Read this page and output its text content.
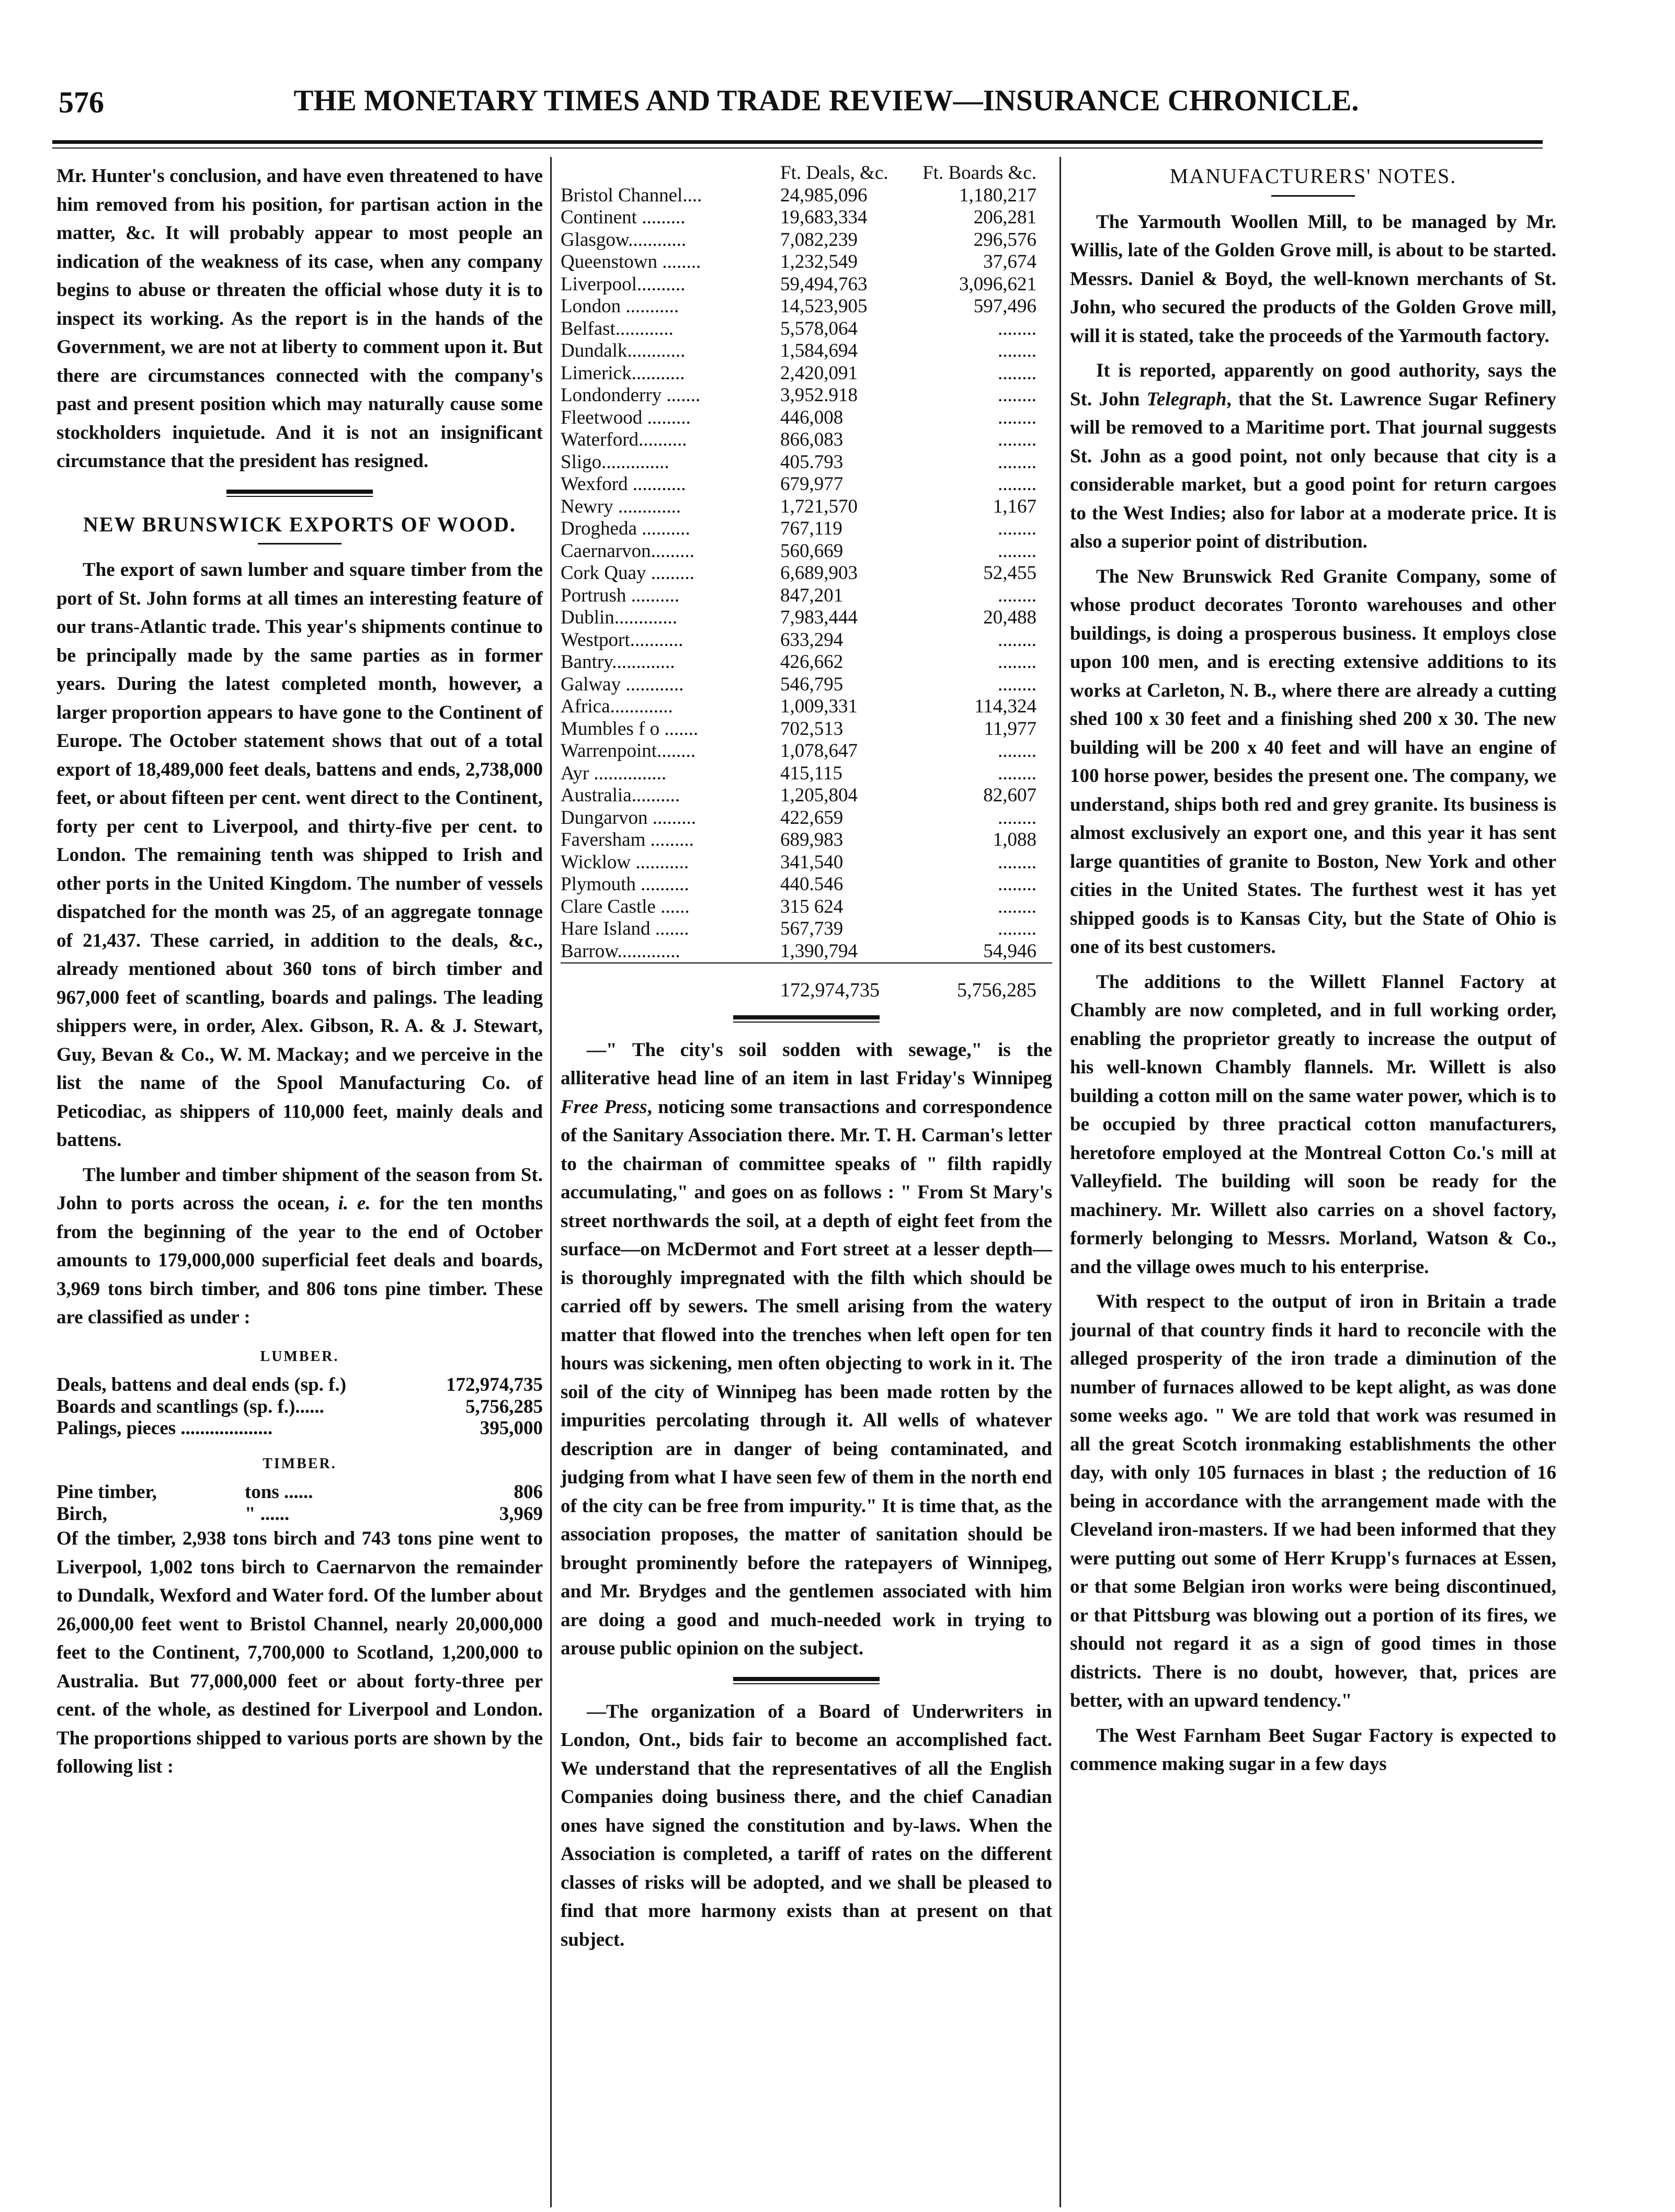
576	THE MONETARY TIMES AND TRADE REVIEW—INSURANCE CHRONICLE.

Mr. Hunter's conclusion, and have even threatened to have him removed from his position, for partisan action in the matter, &c. It will probably appear to most people an indication of the weakness of its case, when any company begins to abuse or threaten the official whose duty it is to inspect its working. As the report is in the hands of the Government, we are not at liberty to comment upon it. But there are circumstances connected with the company's past and present position which may naturally cause some stockholders inquietude. And it is not an insignificant circumstance that the president has resigned.

NEW BRUNSWICK EXPORTS OF WOOD.

The export of sawn lumber and square timber from the port of St. John forms at all times an interesting feature of our trans-Atlantic trade. This year's shipments continue to be principally made by the same parties as in former years. During the latest completed month, however, a larger proportion appears to have gone to the Continent of Europe. The October statement shows that out of a total export of 18,489,000 feet deals, battens and ends, 2,738,000 feet, or about fifteen per cent. went direct to the Continent, forty per cent to Liverpool, and thirty-five per cent. to London. The remaining tenth was shipped to Irish and other ports in the United Kingdom. The number of vessels dispatched for the month was 25, of an aggregate tonnage of 21,437. These carried, in addition to the deals, &c., already mentioned about 360 tons of birch timber and 967,000 feet of scantling, boards and palings. The leading shippers were, in order, Alex. Gibson, R. A. & J. Stewart, Guy, Bevan & Co., W. M. Mackay; and we perceive in the list the name of the Spool Manufacturing Co. of Peticodiac, as shippers of 110,000 feet, mainly deals and battens.

The lumber and timber shipment of the season from St. John to ports across the ocean, i. e. for the ten months from the beginning of the year to the end of October amounts to 179,000,000 superficial feet deals and boards, 3,969 tons birch timber, and 806 tons pine timber. These are classified as under :

LUMBER.
Deals, battens and deal ends (sp. f.)	172,974,735
Boards and scantlings (sp. f.)......	5,756,285
Palings, pieces ...................	395,000
TIMBER.
Pine timber,	tons ......	806
Birch,	" ......	3,969

Of the timber, 2,938 tons birch and 743 tons pine went to Liverpool, 1,002 tons birch to Caernarvon the remainder to Dundalk, Wexford and Water ford. Of the lumber about 26,000,00 feet went to Bristol Channel, nearly 20,000,000 feet to the Continent, 7,700,000 to Scotland, 1,200,000 to Australia. But 77,000,000 feet or about forty-three per cent. of the whole, as destined for Liverpool and London. The proportions shipped to various ports are shown by the following list :

	Ft. Deals, &c.	Ft. Boards &c.
Bristol Channel....	24,985,096	1,180,217
Continent .........	19,683,334	206,281
Glasgow............	7,082,239	296,576
Queenstown ........	1,232,549	37,674
Liverpool..........	59,494,763	3,096,621
London ...........	14,523,905	597,496
Belfast............	5,578,064	........
Dundalk............	1,584,694	........
Limerick...........	2,420,091	........
Londonderry .......	3,952.918	........
Fleetwood .........	446,008	........
Waterford..........	866,083	........
Sligo..............	405.793	........
Wexford ...........	679,977	........
Newry .............	1,721,570	1,167
Drogheda ..........	767,119	........
Caernarvon.........	560,669	........
Cork Quay .........	6,689,903	52,455
Portrush ..........	847,201	........
Dublin.............	7,983,444	20,488
Westport...........	633,294	........
Bantry.............	426,662	........
Galway ............	546,795	........
Africa.............	1,009,331	114,324
Mumbles f o .......	702,513	11,977
Warrenpoint........	1,078,647	........
Ayr ...............	415,115	........
Australia..........	1,205,804	82,607
Dungarvon .........	422,659	........
Faversham .........	689,983	1,088
Wicklow ...........	341,540	........
Plymouth ..........	440.546	........
Clare Castle ......	315 624	........
Hare Island .......	567,739	........
Barrow.............	1,390,794	54,946

	172,974,735	5,756,285

—" The city's soil sodden with sewage," is the alliterative head line of an item in last Friday's Winnipeg Free Press, noticing some transactions and correspondence of the Sanitary Association there. Mr. T. H. Carman's letter to the chairman of committee speaks of " filth rapidly accumulating," and goes on as follows : " From St Mary's street northwards the soil, at a depth of eight feet from the surface—on McDermot and Fort street at a lesser depth—is thoroughly impregnated with the filth which should be carried off by sewers. The smell arising from the watery matter that flowed into the trenches when left open for ten hours was sickening, men often objecting to work in it. The soil of the city of Winnipeg has been made rotten by the impurities percolating through it. All wells of whatever description are in danger of being contaminated, and judging from what I have seen few of them in the north end of the city can be free from impurity." It is time that, as the association proposes, the matter of sanitation should be brought prominently before the ratepayers of Winnipeg, and Mr. Brydges and the gentlemen associated with him are doing a good and much-needed work in trying to arouse public opinion on the subject.

—The organization of a Board of Underwriters in London, Ont., bids fair to become an accomplished fact. We understand that the representatives of all the English Companies doing business there, and the chief Canadian ones have signed the constitution and by-laws. When the Association is completed, a tariff of rates on the different classes of risks will be adopted, and we shall be pleased to find that more harmony exists than at present on that subject.

MANUFACTURERS' NOTES.

The Yarmouth Woollen Mill, to be managed by Mr. Willis, late of the Golden Grove mill, is about to be started. Messrs. Daniel & Boyd, the well-known merchants of St. John, who secured the products of the Golden Grove mill, will it is stated, take the proceeds of the Yarmouth factory.

It is reported, apparently on good authority, says the St. John Telegraph, that the St. Lawrence Sugar Refinery will be removed to a Maritime port. That journal suggests St. John as a good point, not only because that city is a considerable market, but a good point for return cargoes to the West Indies; also for labor at a moderate price. It is also a superior point of distribution.

The New Brunswick Red Granite Company, some of whose product decorates Toronto warehouses and other buildings, is doing a prosperous business. It employs close upon 100 men, and is erecting extensive additions to its works at Carleton, N. B., where there are already a cutting shed 100 x 30 feet and a finishing shed 200 x 30. The new building will be 200 x 40 feet and will have an engine of 100 horse power, besides the present one. The company, we understand, ships both red and grey granite. Its business is almost exclusively an export one, and this year it has sent large quantities of granite to Boston, New York and other cities in the United States. The furthest west it has yet shipped goods is to Kansas City, but the State of Ohio is one of its best customers.

The additions to the Willett Flannel Factory at Chambly are now completed, and in full working order, enabling the proprietor greatly to increase the output of his well-known Chambly flannels. Mr. Willett is also building a cotton mill on the same water power, which is to be occupied by three practical cotton manufacturers, heretofore employed at the Montreal Cotton Co.'s mill at Valleyfield. The building will soon be ready for the machinery. Mr. Willett also carries on a shovel factory, formerly belonging to Messrs. Morland, Watson & Co., and the village owes much to his enterprise.

With respect to the output of iron in Britain a trade journal of that country finds it hard to reconcile with the alleged prosperity of the iron trade a diminution of the number of furnaces allowed to be kept alight, as was done some weeks ago. " We are told that work was resumed in all the great Scotch ironmaking establishments the other day, with only 105 furnaces in blast ; the reduction of 16 being in accordance with the arrangement made with the Cleveland iron-masters. If we had been informed that they were putting out some of Herr Krupp's furnaces at Essen, or that some Belgian iron works were being discontinued, or that Pittsburg was blowing out a portion of its fires, we should not regard it as a sign of good times in those districts. There is no doubt, however, that, prices are better, with an upward tendency."

The West Farnham Beet Sugar Factory is expected to commence making sugar in a few days
